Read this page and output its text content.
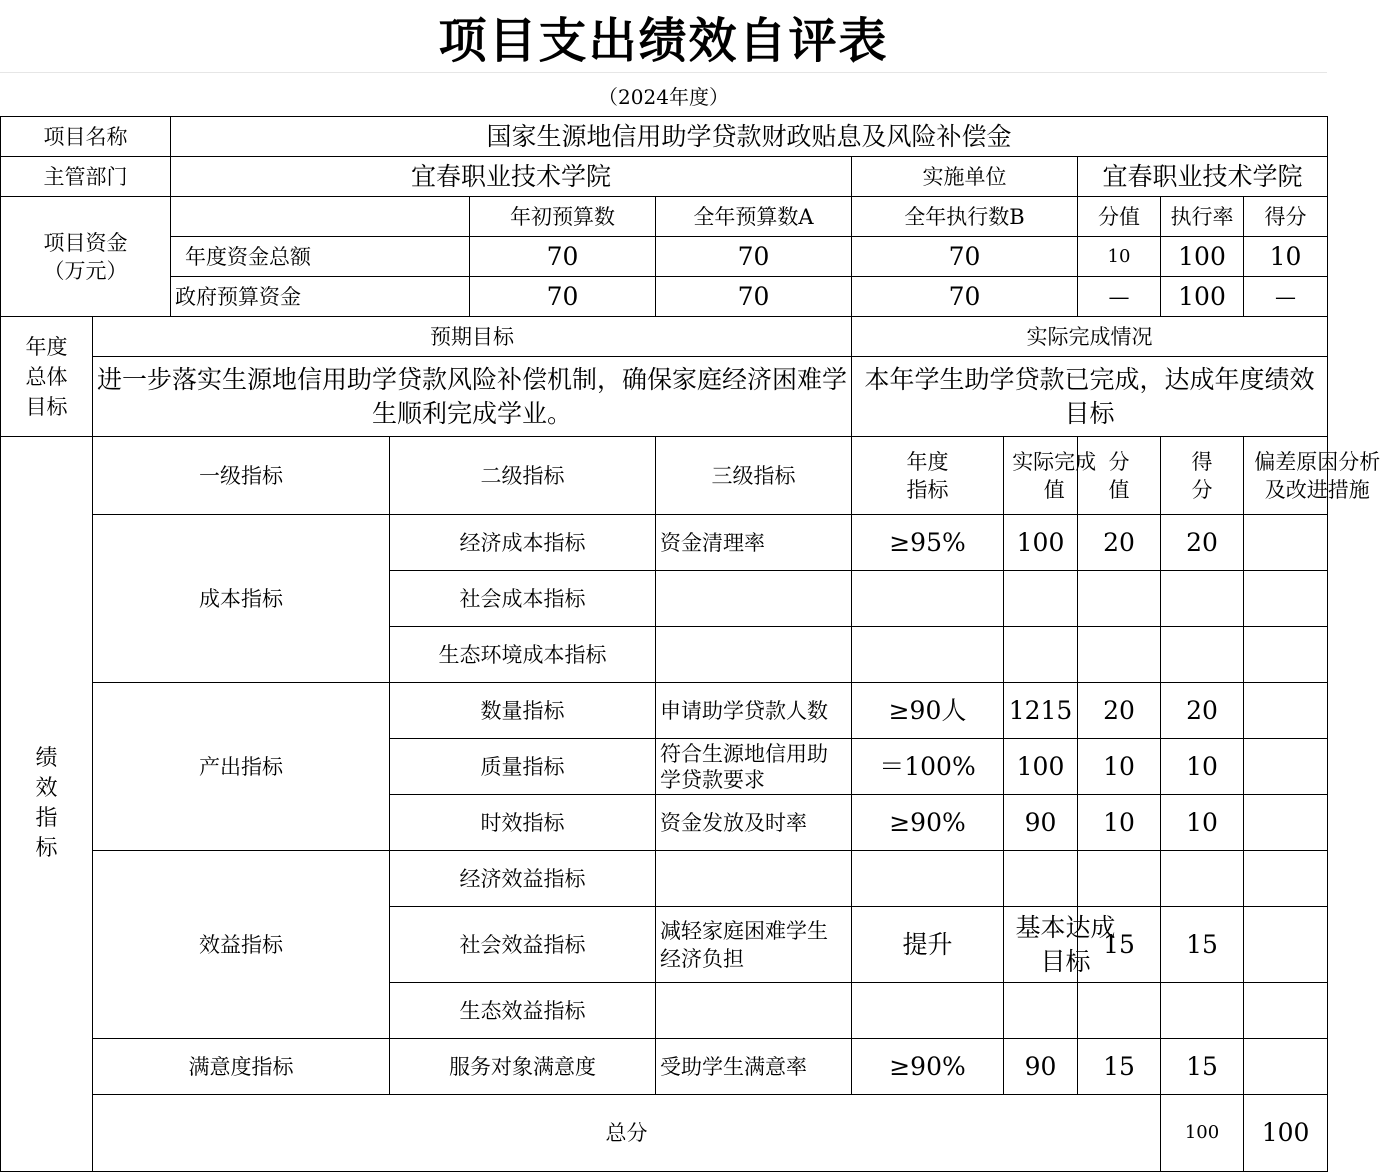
项目支出绩效自评表
（2024年度）
项目名称		国家生源地信用助学贷款财政贴息及风险补偿金									
主管部门		宜春职业技术学院				实施单位		宜春职业技术学院			

项目资金
（万元）				年初预算数	全年预算数A	全年执行数B		分值	执行率	得分	
		年度资金总额		70	70	70		10	100	10	
		政府预算资金		70	70	70		—	100	—	
年度总体目标	预期目标					实际完成情况					
	进一步落实生源地信用助学贷款风险补偿机制，确保家庭经济困难学生顺利完成学业。					本年学生助学贷款已完成，达成年度绩效目标					
绩效指标	一级指标		二级指标		三级指标	年度指标	实际完成值	分值	得分	偏差原因分析及改进措施	
	成本指标		经济成本指标		资金清理率	≥95%	100	20	20		
			社会成本指标								
			生态环境成本指标								
	产出指标		数量指标		申请助学贷款人数	≥90人	1215	20	20		
			质量指标		符合生源地信用助学贷款要求	＝100%	100	10	10		
			时效指标		资金发放及时率	≥90%	90	10	10		
	效益指标		经济效益指标								
			社会效益指标		减轻家庭困难学生经济负担	提升	基本达成目标	15	15		
			生态效益指标								
	满意度指标		服务对象满意度		受助学生满意率	≥90%	90	15	15		
	总分								100	100	
